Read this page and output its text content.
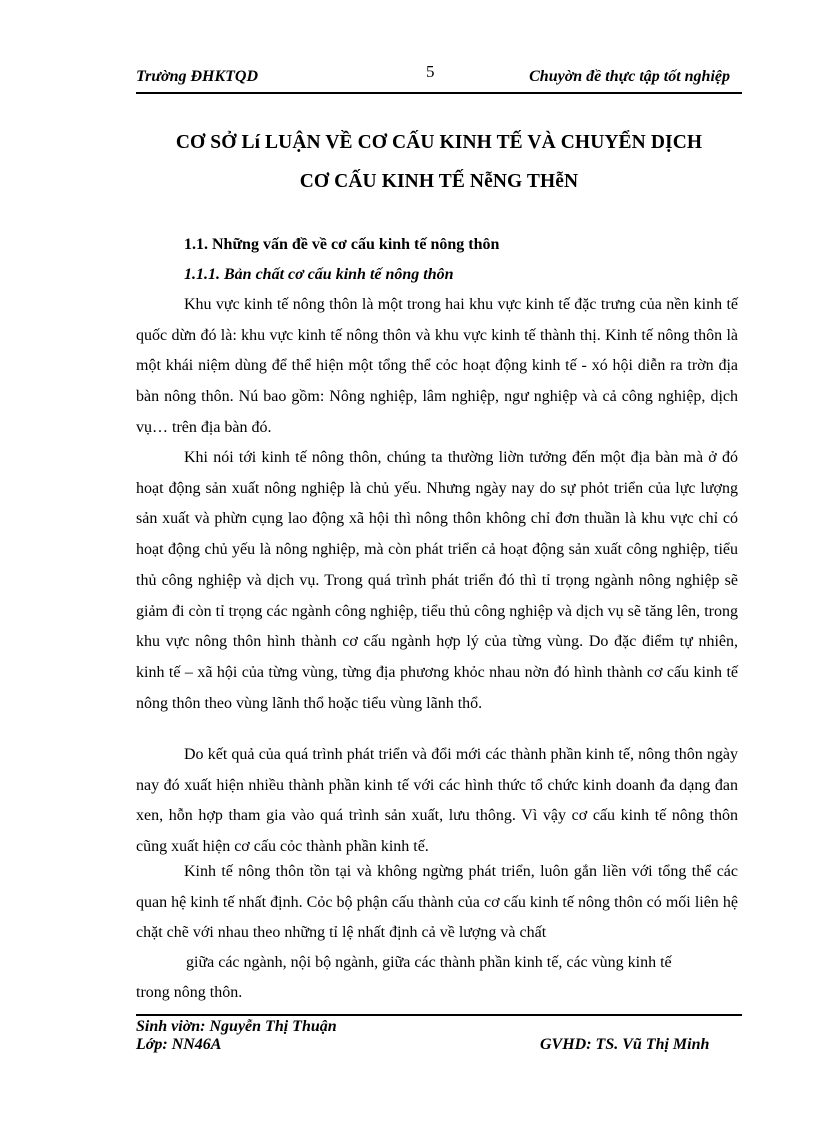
Trường ĐHKTQD	5	Chuyờn đề thực tập tốt nghiệp
CƠ SỞ Lí LUẬN VỀ CƠ CẤU KINH TẾ VÀ CHUYỂN DỊCH
CƠ CẤU KINH TẾ NễNG THễN
1.1. Những vấn đề về cơ cấu kinh tế nông thôn
1.1.1. Bản chất cơ cấu kinh tế nông thôn

Khu vực kinh tế nông thôn là một trong hai khu vực kinh tế đặc trưng của nền kinh tế quốc dừn đó là: khu vực kinh tế nông thôn và khu vực kinh tế thành thị. Kinh tế nông thôn là một khái niệm dùng để thể hiện một tổng thể cỏc hoạt động kinh tế - xó hội diễn ra trờn địa bàn nông thôn. Nú bao gồm: Nông nghiệp, lâm nghiệp, ngư nghiệp và cả công nghiệp, dịch vụ… trên địa bàn đó.

Khi nói tới kinh tế nông thôn, chúng ta thường liờn tưởng đến một địa bàn mà ở đó hoạt động sản xuất nông nghiệp là chủ yếu. Nhưng ngày nay do sự phỏt triển của lực lượng sản xuất và phừn cụng lao động xã hội thì nông thôn không chỉ đơn thuần là khu vực chỉ có hoạt động chủ yếu là nông nghiệp, mà còn phát triển cả hoạt động sản xuất công nghiệp, tiểu thủ công nghiệp và dịch vụ. Trong quá trình phát triển đó thì tỉ trọng ngành nông nghiệp sẽ giảm đi còn tỉ trọng các ngành công nghiệp, tiểu thủ công nghiệp và dịch vụ sẽ tăng lên, trong khu vực nông thôn hình thành cơ cấu ngành hợp lý của từng vùng. Do đặc điểm tự nhiên, kinh tế – xã hội của từng vùng, từng địa phương khỏc nhau nờn đó hình thành cơ cấu kinh tế nông thôn theo vùng lãnh thổ hoặc tiểu vùng lãnh thổ.

Do kết quả của quá trình phát triển và đổi mới các thành phần kinh tế, nông thôn ngày nay đó xuất hiện nhiều thành phần kinh tế với các hình thức tổ chức kinh doanh đa dạng đan xen, hỗn hợp tham gia vào quá trình sản xuất, lưu thông. Vì vậy cơ cấu kinh tế nông thôn cũng xuất hiện cơ cấu cỏc thành phần kinh tế.

Kinh tế nông thôn tồn tại và không ngừng phát triển, luôn gắn liền với tổng thể các quan hệ kinh tế nhất định. Cỏc bộ phận cấu thành của cơ cấu kinh tế nông thôn có mối liên hệ chặt chẽ với nhau theo những tỉ lệ nhất định cả về lượng và chất

giữa các ngành, nội bộ ngành, giữa các thành phần kinh tế, các vùng kinh tế
trong nông thôn.
Sinh viờn: Nguyễn Thị Thuận
Lớp: NN46A	GVHD: TS. Vũ Thị Minh
